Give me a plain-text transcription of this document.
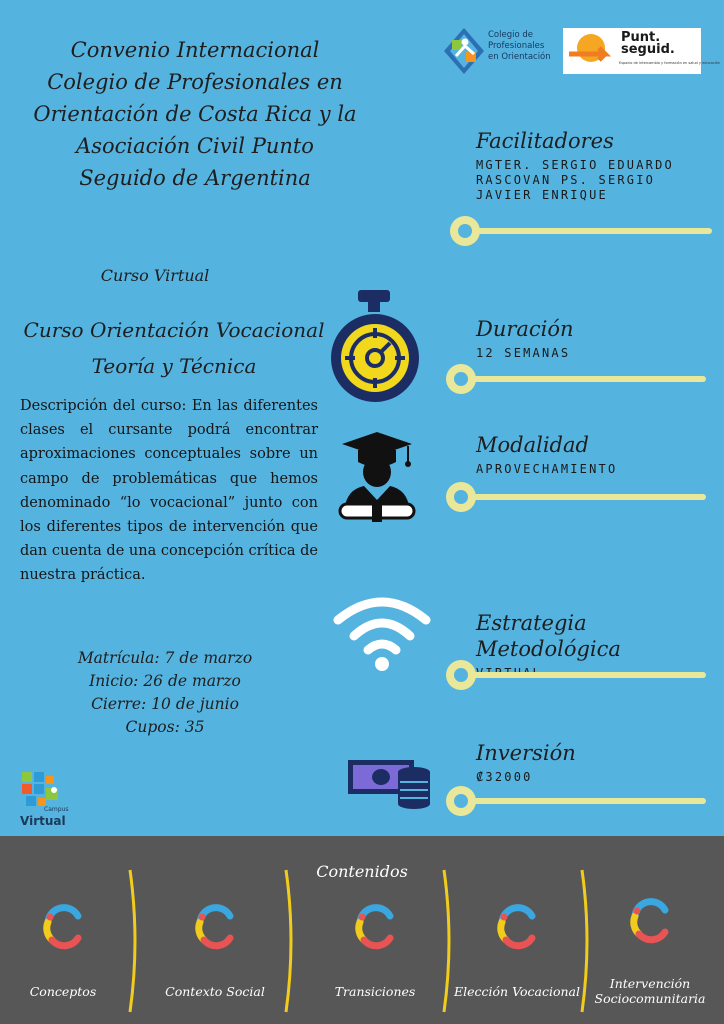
Convenio Internacional Colegio de Profesionales en Orientación de Costa Rica y la Asociación Civil Punto Seguido de Argentina
Colegio de Profesionales en Orientación
Punt. seguid.
Espacio de intercambio y formación en salud y educación
Curso Virtual
Curso Orientación Vocacional Teoría y Técnica
Descripción del curso: En las diferentes clases el cursante podrá encontrar aproximaciones conceptuales sobre un campo de problemáticas que hemos denominado “lo vocacional” junto con los diferentes tipos de intervención que dan cuenta de una concepción crítica de nuestra práctica.
Matrícula: 7 de marzo
Inicio: 26 de marzo
Cierre: 10 de junio
Cupos: 35
Facilitadores
MGTER. SERGIO EDUARDO RASCOVAN PS. SERGIO JAVIER ENRIQUE
Duración
12 SEMANAS
Modalidad
APROVECHAMIENTO
Estrategia Metodológica
Inversión
₡32000
Campus
Virtual
Contenidos
Conceptos	Contexto Social	Transiciones	Elección Vocacional
Intervención Sociocomunitaria
